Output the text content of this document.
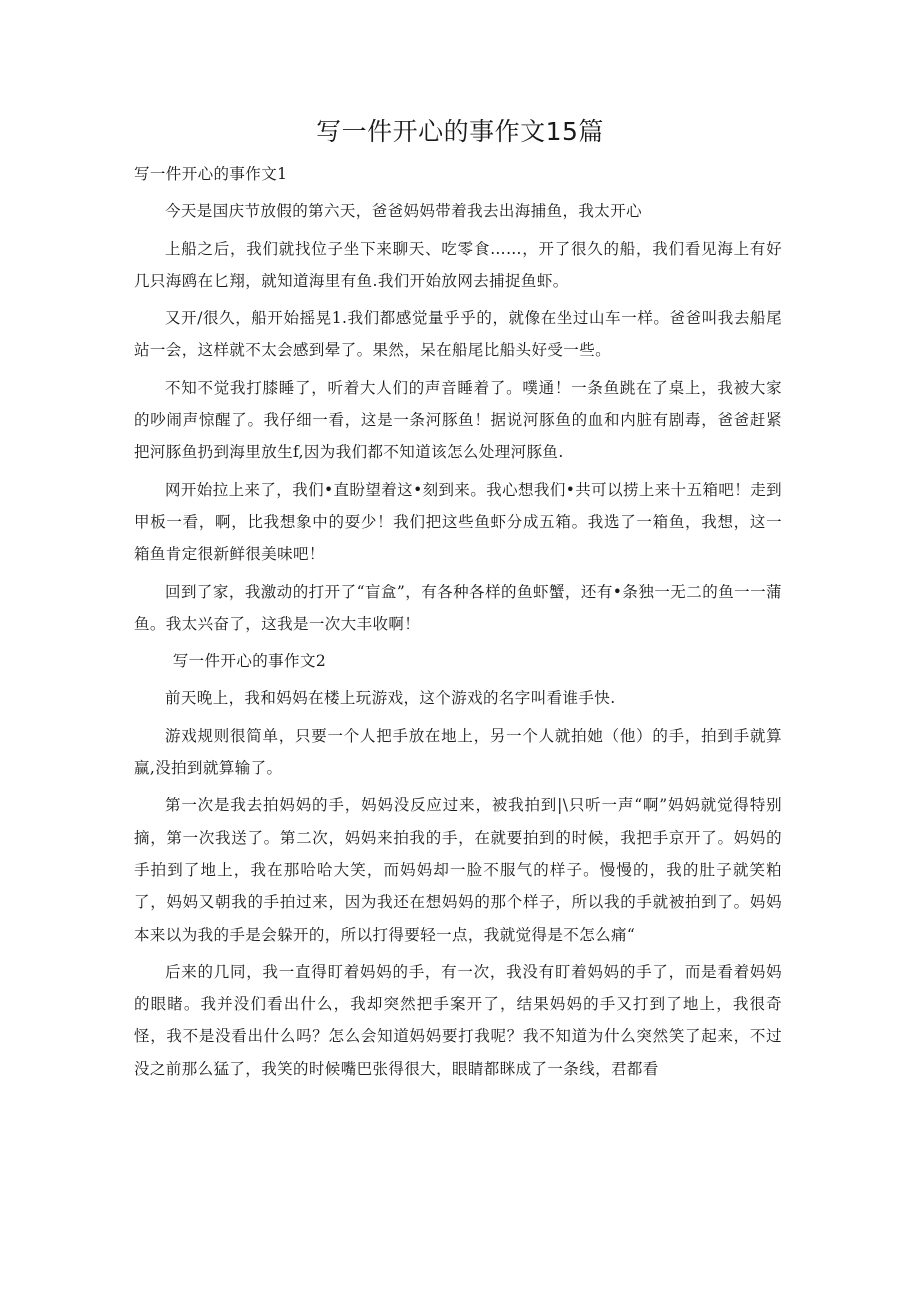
写一件开心的事作文15篇

写一件开心的事作文1

今天是国庆节放假的第六天，爸爸妈妈带着我去出海捕鱼，我太开心

上船之后，我们就找位子坐下来聊天、吃零食……，开了很久的船，我们看见海上有好几只海鸥在匕翔，就知道海里有鱼.我们开始放网去捕捉鱼虾。

又开/很久，船开始摇晃1.我们都感觉量乎乎的，就像在坐过山车一样。爸爸叫我去船尾站一会，这样就不太会感到晕了。果然，呆在船尾比船头好受一些。

不知不觉我打膝睡了，听着大人们的声音睡着了。噗通！一条鱼跳在了桌上，我被大家的吵闹声惊醒了。我仔细一看，这是一条河豚鱼！据说河豚鱼的血和内脏有剧毒，爸爸赶紧把河豚鱼扔到海里放生f,因为我们都不知道该怎么处理河豚鱼.

网开始拉上来了，我们•直盼望着这•刻到来。我心想我们•共可以捞上来十五箱吧！走到甲板一看，啊，比我想象中的耍少！我们把这些鱼虾分成五箱。我选了一箱鱼，我想，这一箱鱼肯定很新鲜很美味吧！

回到了家，我激动的打开了“盲盒”，有各种各样的鱼虾蟹，还有•条独一无二的鱼一一蒲鱼。我太兴奋了，这我是一次大丰收啊！

写一件开心的事作文2

前天晚上，我和妈妈在楼上玩游戏，这个游戏的名字叫看谁手快.

游戏规则很简单，只要一个人把手放在地上，另一个人就拍她（他）的手，拍到手就算赢,没拍到就算输了。

第一次是我去拍妈妈的手，妈妈没反应过来，被我拍到|\只听一声“啊”妈妈就觉得特别摘，第一次我送了。第二次，妈妈来拍我的手，在就要拍到的时候，我把手京开了。妈妈的手拍到了地上，我在那哈哈大笑，而妈妈却一脸不服气的样子。慢慢的，我的肚子就笑粕了，妈妈又朝我的手拍过来，因为我还在想妈妈的那个样子，所以我的手就被拍到了。妈妈本来以为我的手是会躲开的，所以打得要轻一点，我就觉得是不怎么痛“

后来的几同，我一直得盯着妈妈的手，有一次，我没有盯着妈妈的手了，而是看着妈妈的眼睹。我并没们看出什么，我却突然把手案开了，结果妈妈的手又打到了地上，我很奇怪，我不是没看出什么吗？怎么会知道妈妈要打我呢？我不知道为什么突然笑了起来，不过没之前那么猛了，我笑的时候嘴巴张得很大，眼睛都眯成了一条线，君都看
